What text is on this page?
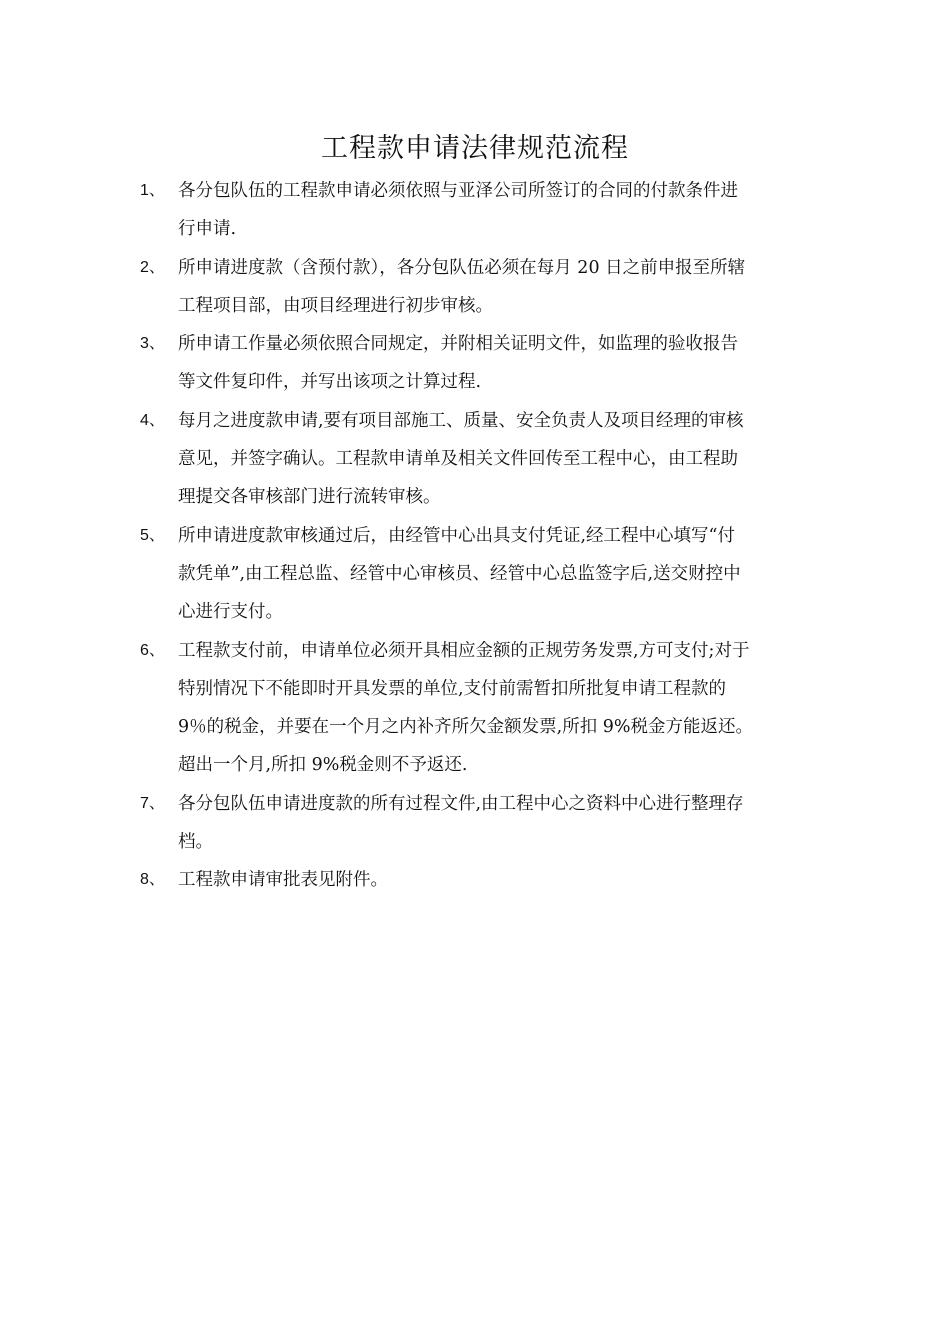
工程款申请法律规范流程
1、 各分包队伍的工程款申请必须依照与亚泽公司所签订的合同的付款条件进
行申请.
2、 所申请进度款（含预付款），各分包队伍必须在每月 20 日之前申报至所辖
工程项目部，由项目经理进行初步审核。
3、 所申请工作量必须依照合同规定，并附相关证明文件，如监理的验收报告
等文件复印件，并写出该项之计算过程.
4、 每月之进度款申请,要有项目部施工、质量、安全负责人及项目经理的审核
意见，并签字确认。工程款申请单及相关文件回传至工程中心，由工程助
理提交各审核部门进行流转审核。
5、 所申请进度款审核通过后，由经管中心出具支付凭证,经工程中心填写“付
款凭单”,由工程总监、经管中心审核员、经管中心总监签字后,送交财控中
心进行支付。
6、 工程款支付前，申请单位必须开具相应金额的正规劳务发票,方可支付;对于
特别情况下不能即时开具发票的单位,支付前需暂扣所批复申请工程款的
9％的税金，并要在一个月之内补齐所欠金额发票,所扣 9%税金方能返还。
超出一个月,所扣 9%税金则不予返还.
7、 各分包队伍申请进度款的所有过程文件,由工程中心之资料中心进行整理存
档。
8、 工程款申请审批表见附件。
